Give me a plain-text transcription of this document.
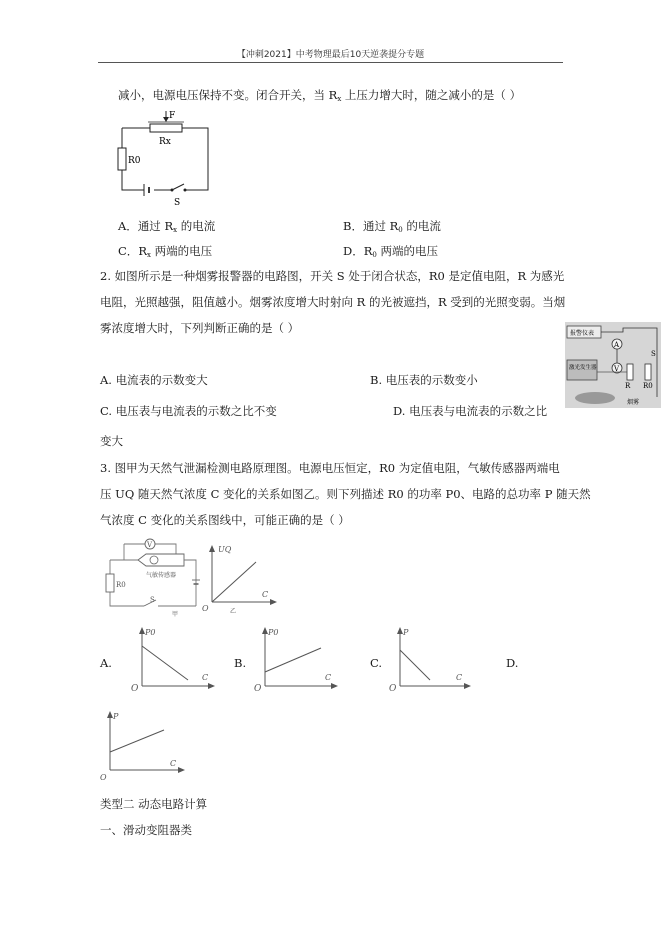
【冲刺2021】中考物理最后10天逆袭提分专题
减小，电源电压保持不变。闭合开关，当 $R_x$ 上压力增大时，随之减小的是（ ）
F
Rx
R0
S
A．通过 $R_x$ 的电流	B．通过 $R_0$ 的电流
C．$R_x$ 两端的电压	D．$R_0$ 两端的电压
2. 如图所示是一种烟雾报警器的电路图，开关 S 处于闭合状态，R0 是定值电阻，R 为感光
电阻，光照越强，阻值越小。烟雾浓度增大时射向 R 的光被遮挡，R 受到的光照变弱。当烟
雾浓度增大时，下列判断正确的是（ ）	报警仪表
A
V
R R0
S
激光发生器
烟雾
A. 电流表的示数变大	B. 电压表的示数变小
C. 电压表与电流表的示数之比不变	D. 电压表与电流表的示数之比
变大
3. 图甲为天然气泄漏检测电路原理图。电源电压恒定，R0 为定值电阻，气敏传感器两端电
压 UQ 随天然气浓度 C 变化的关系如图乙。则下列描述 R0 的功率 P0、电路的总功率 P 随天然
气浓度 C 变化的关系图线中，可能正确的是（ ）
V
气敏传感器
R0
S
甲
UQ
C
O	乙
A.
P0
C
B.
P0
C
C.
P
C
D.
P
C
O
O	O	O
类型二 动态电路计算
一、滑动变阻器类
